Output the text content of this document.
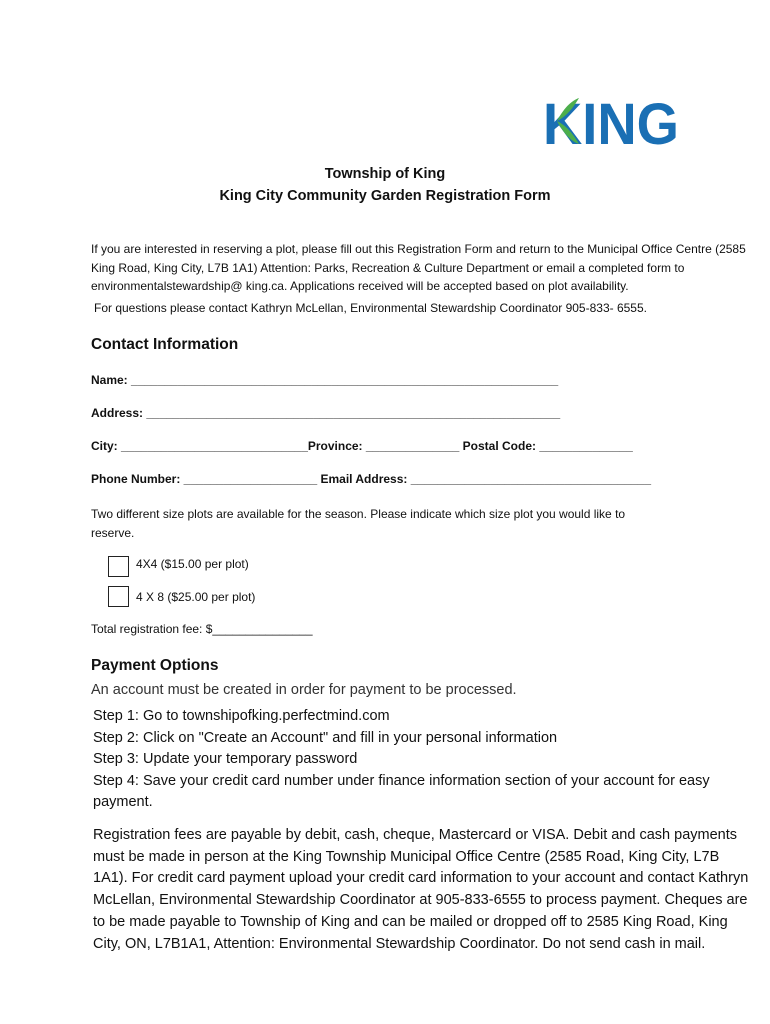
KING
Township of King
King City Community Garden Registration Form
If you are interested in reserving a plot, please fill out this Registration Form and return to the Municipal Office Centre (2585 King Road, King City, L7B 1A1) Attention: Parks, Recreation & Culture Department or email a completed form to environmentalstewardship@ king.ca. Applications received will be accepted based on plot availability.
For questions please contact Kathryn McLellan, Environmental Stewardship Coordinator 905-833- 6555.
Contact Information
Name: ________________________________________________________________
Address: ______________________________________________________________
City: ____________________________Province: ______________ Postal Code: ______________
Phone Number: ____________________ Email Address: ____________________________________
Two different size plots are available for the season. Please indicate which size plot you would like to reserve.
4X4 ($15.00 per plot)
4 X 8 ($25.00 per plot)
Total registration fee: $_______________
Payment Options
An account must be created in order for payment to be processed.
Step 1: Go to townshipofking.perfectmind.com
Step 2: Click on "Create an Account" and fill in your personal information
Step 3: Update your temporary password
Step 4: Save your credit card number under finance information section of your account for easy payment.
Registration fees are payable by debit, cash, cheque, Mastercard or VISA. Debit and cash payments must be made in person at the King Township Municipal Office Centre (2585 Road, King City, L7B 1A1). For credit card payment upload your credit card information to your account and contact Kathryn McLellan, Environmental Stewardship Coordinator at 905-833-6555 to process payment. Cheques are to be made payable to Township of King and can be mailed or dropped off to 2585 King Road, King City, ON, L7B1A1, Attention: Environmental Stewardship Coordinator. Do not send cash in mail.
